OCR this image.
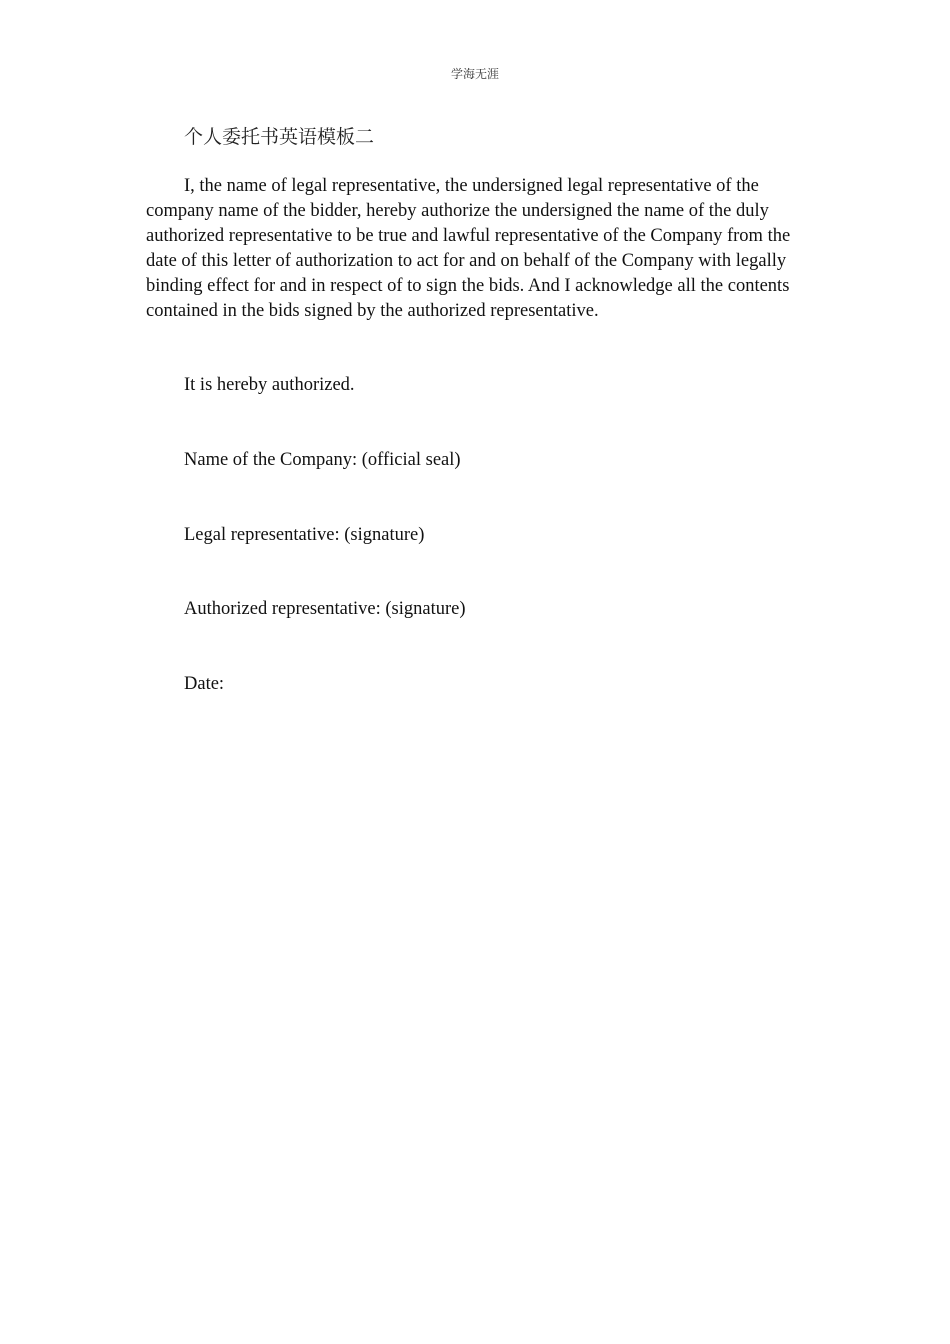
学海无涯
个人委托书英语模板二

I, the name of legal representative, the undersigned legal representative of the company name of the bidder, hereby authorize the undersigned the name of the duly authorized representative to be true and lawful representative of the Company from the date of this letter of authorization to act for and on behalf of the Company with legally binding effect for and in respect of to sign the bids. And I acknowledge all the contents contained in the bids signed by the authorized representative.

It is hereby authorized.

Name of the Company: (official seal)

Legal representative: (signature)

Authorized representative: (signature)

Date:
